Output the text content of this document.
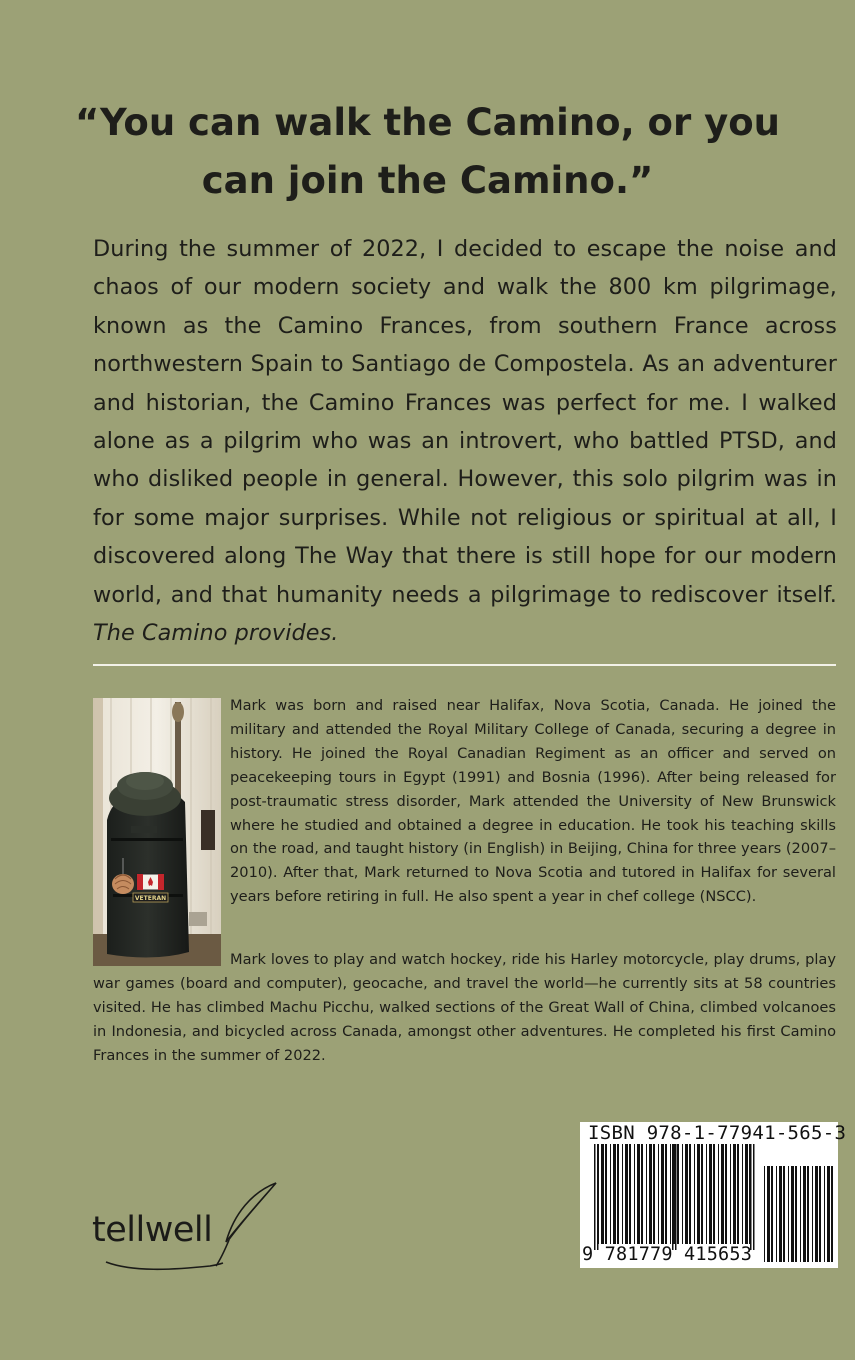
“You can walk the Camino, or you
can join the Camino.”

During the summer of 2022, I decided to escape the noise and chaos of our modern society and walk the 800 km pilgrimage, known as the Camino Frances, from southern France across northwestern Spain to Santiago de Compostela. As an adventurer and historian, the Camino Frances was perfect for me. I walked alone as a pilgrim who was an introvert, who battled PTSD, and who disliked people in general. However, this solo pilgrim was in for some major surprises. While not religious or spiritual at all, I discovered along The Way that there is still hope for our modern world, and that humanity needs a pilgrimage to rediscover itself. The Camino provides.

VETERAN

Mark was born and raised near Halifax, Nova Scotia, Canada. He joined the military and attended the Royal Military College of Canada, securing a degree in history. He joined the Royal Canadian Regiment as an officer and served on peacekeeping tours in Egypt (1991) and Bosnia (1996). After being released for post-traumatic stress disorder, Mark attended the University of New Brunswick where he studied and obtained a degree in education. He took his teaching skills on the road, and taught history (in English) in Beijing, China for three years (2007–2010). After that, Mark returned to Nova Scotia and tutored in Halifax for several years before retiring in full. He also spent a year in chef college (NSCC).

Mark loves to play and watch hockey, ride his Harley motorcycle, play drums, play war games (board and computer), geocache, and travel the world—he currently sits at 58 countries visited. He has climbed Machu Picchu, walked sections of the Great Wall of China, climbed volcanoes in Indonesia, and bicycled across Canada, amongst other adventures. He completed his first Camino Frances in the summer of 2022.

tellwell
ISBN 978-1-77941-565-3
9 781779 415653
